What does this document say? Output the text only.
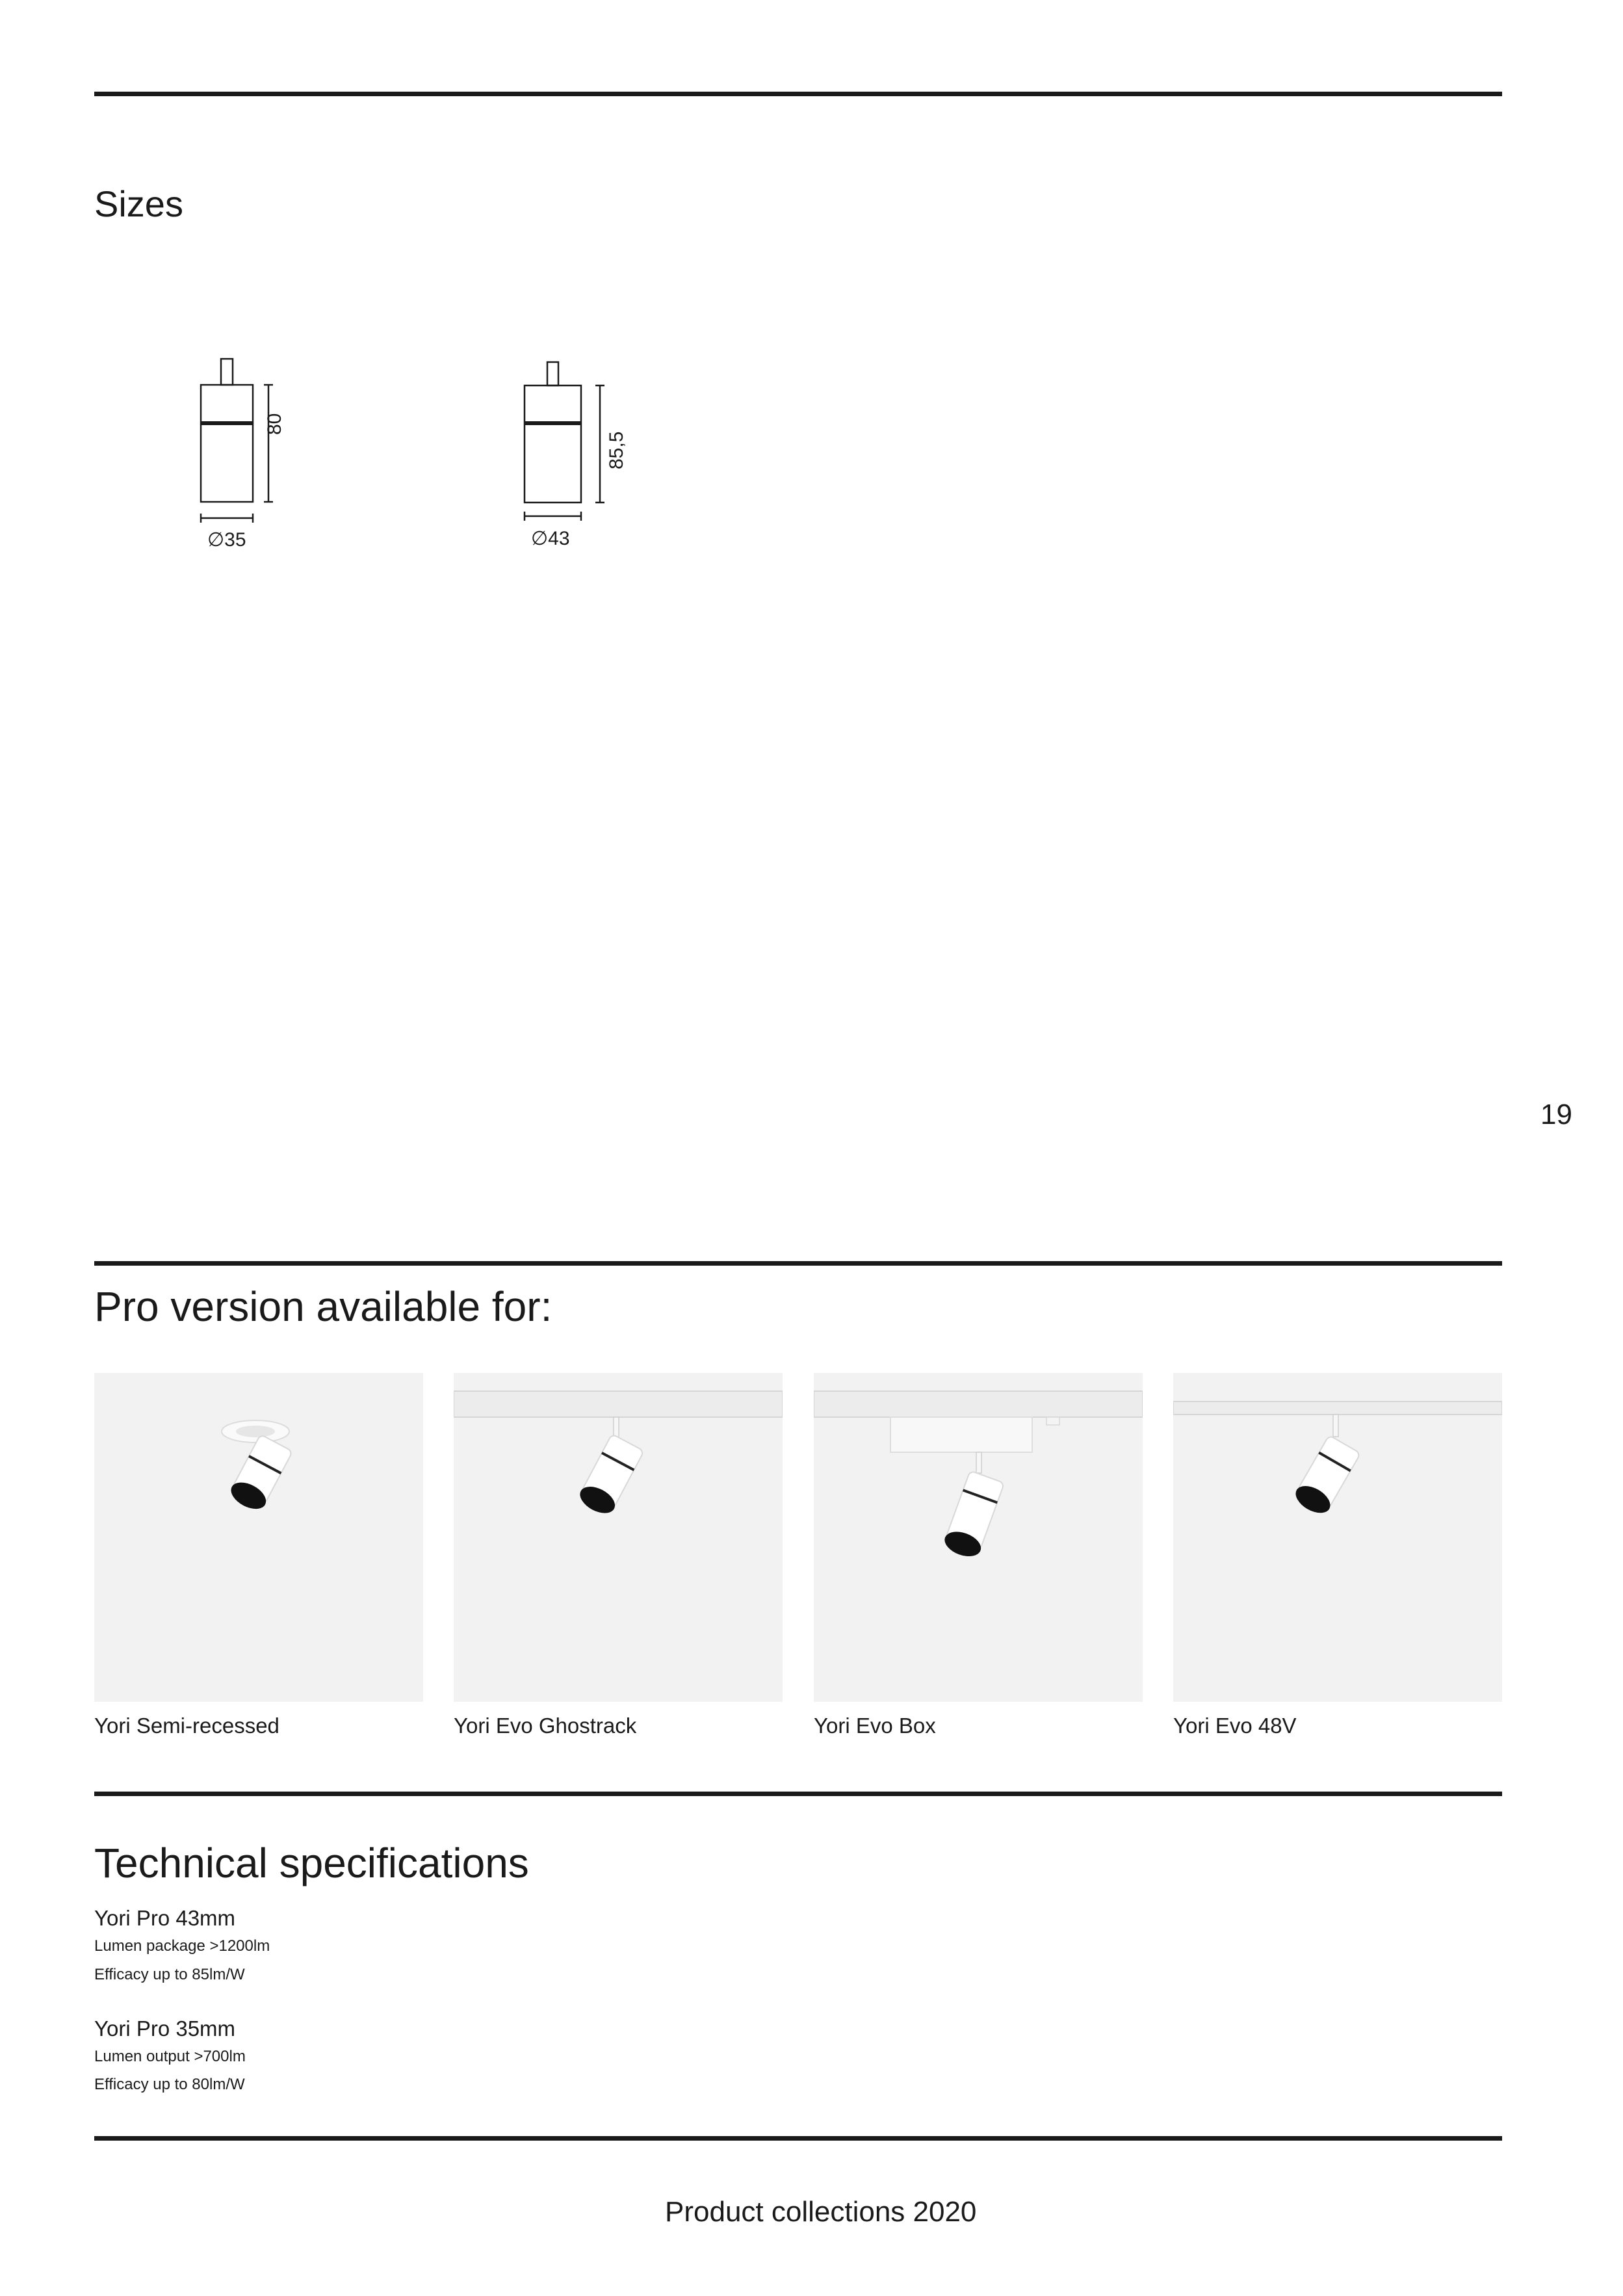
Sizes
80
∅35
85,5
∅43
19
Pro version available for:
Yori Semi-recessed	Yori Evo Ghostrack	Yori Evo Box	Yori Evo 48V
Technical specifications
Yori Pro 43mm
Lumen package >1200lm
Efficacy up to 85lm/W
Yori Pro 35mm
Lumen output >700lm
Efficacy up to 80lm/W
Product collections 2020
